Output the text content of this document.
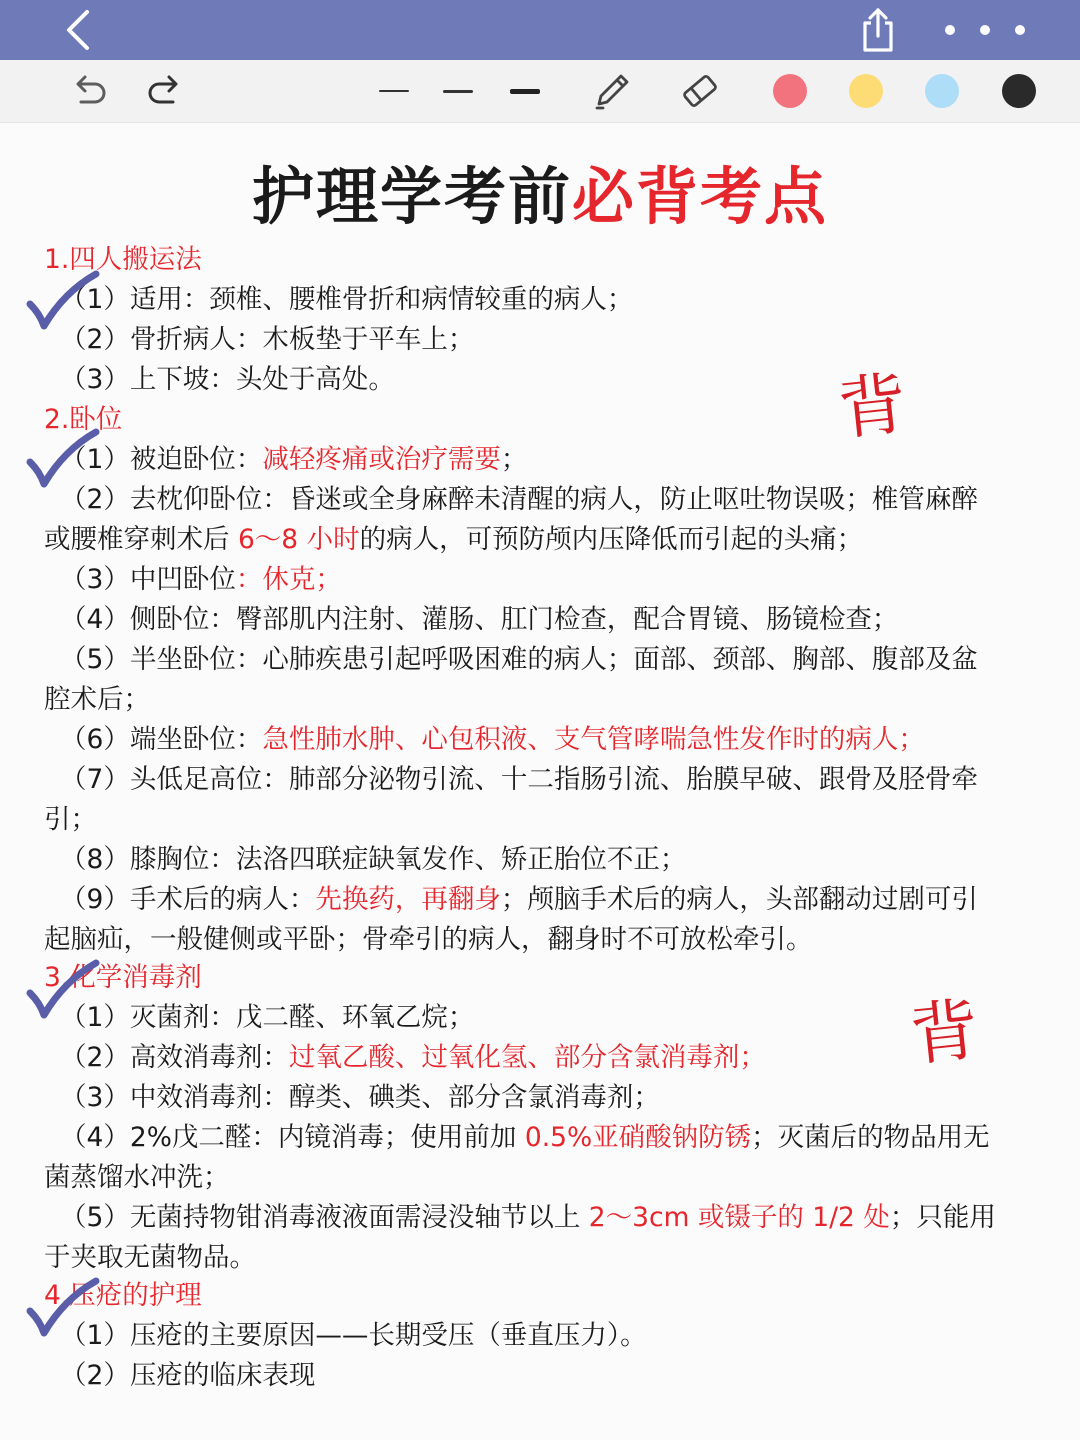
护理学考前必背考点
1.四人搬运法
（1）适用：颈椎、腰椎骨折和病情较重的病人；
（2）骨折病人：木板垫于平车上；
（3）上下坡：头处于高处。
2.卧位
（1）被迫卧位：减轻疼痛或治疗需要；
（2）去枕仰卧位：昏迷或全身麻醉未清醒的病人，防止呕吐物误吸；椎管麻醉
或腰椎穿刺术后 6～8 小时的病人，可预防颅内压降低而引起的头痛；
（3）中凹卧位：休克；
（4）侧卧位：臀部肌内注射、灌肠、肛门检查，配合胃镜、肠镜检查；
（5）半坐卧位：心肺疾患引起呼吸困难的病人；面部、颈部、胸部、腹部及盆
腔术后；
（6）端坐卧位：急性肺水肿、心包积液、支气管哮喘急性发作时的病人；
（7）头低足高位：肺部分泌物引流、十二指肠引流、胎膜早破、跟骨及胫骨牵
引；
（8）膝胸位：法洛四联症缺氧发作、矫正胎位不正；
（9）手术后的病人：先换药，再翻身；颅脑手术后的病人，头部翻动过剧可引
起脑疝，一般健侧或平卧；骨牵引的病人，翻身时不可放松牵引。
3.化学消毒剂
（1）灭菌剂：戊二醛、环氧乙烷；
（2）高效消毒剂：过氧乙酸、过氧化氢、部分含氯消毒剂；
（3）中效消毒剂：醇类、碘类、部分含氯消毒剂；
（4）2%戊二醛：内镜消毒；使用前加 0.5%亚硝酸钠防锈；灭菌后的物品用无
菌蒸馏水冲洗；
（5）无菌持物钳消毒液液面需浸没轴节以上 2～3cm 或镊子的 1/2 处；只能用
于夹取无菌物品。
4.压疮的护理
（1）压疮的主要原因——长期受压（垂直压力）。
（2）压疮的临床表现
背
背
